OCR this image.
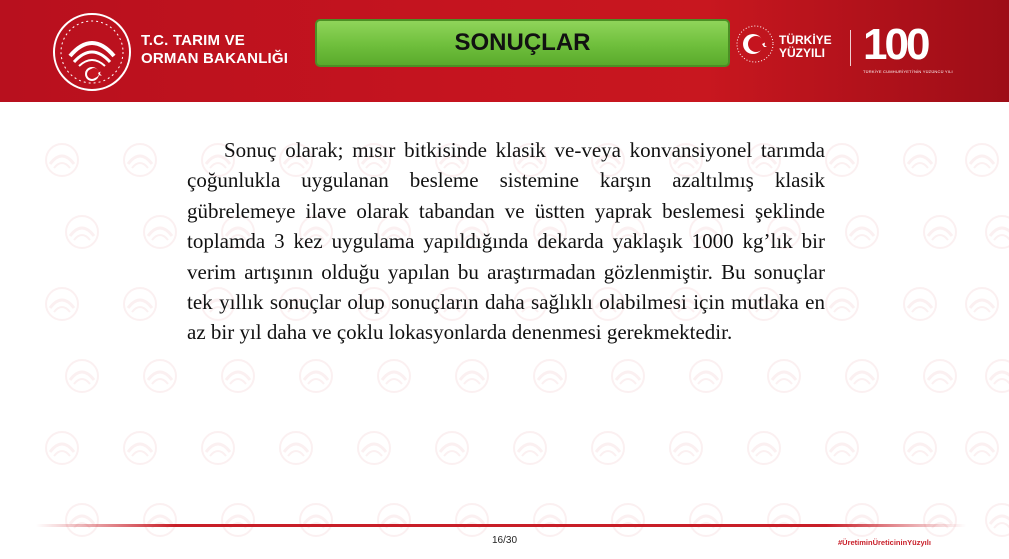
T.C. TARIM VE
ORMAN BAKANLIĞI
SONUÇLAR	TÜRKİYE
YÜZYILI 100
TÜRKİYE CUMHURİYETİ'NİN YÜZÜNCÜ YILI

Sonuç olarak; mısır bitkisinde klasik ve-veya konvansiyonel tarımda çoğunlukla uygulanan besleme sistemine karşın azaltılmış klasik gübrelemeye ilave olarak tabandan ve üstten yaprak beslemesi şeklinde toplamda 3 kez uygulama yapıldığında dekarda yaklaşık 1000 kg’lık bir verim artışının olduğu yapılan bu araştırmadan gözlenmiştir. Bu sonuçlar tek yıllık sonuçlar olup sonuçların daha sağlıklı olabilmesi için mutlaka en az bir yıl daha ve çoklu lokasyonlarda denenmesi gerekmektedir.

16/30	#ÜretiminÜreticininYüzyılı
